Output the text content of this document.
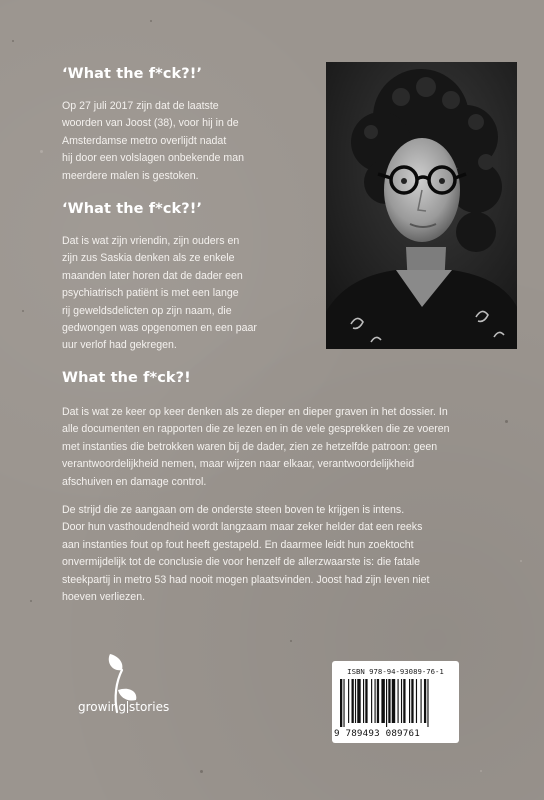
‘What the f*ck?!’

Op 27 juli 2017 zijn dat de laatste

woorden van Joost (38), voor hij in de

Amsterdamse metro overlijdt nadat

hij door een volslagen onbekende man

meerdere malen is gestoken.

‘What the f*ck?!’

Dat is wat zijn vriendin, zijn ouders en

zijn zus Saskia denken als ze enkele

maanden later horen dat de dader een

psychiatrisch patiënt is met een lange

rij geweldsdelicten op zijn naam, die

gedwongen was opgenomen en een paar

uur verlof had gekregen.

What the f*ck?!

Dat is wat ze keer op keer denken als ze dieper en dieper graven in het dossier. In

alle documenten en rapporten die ze lezen en in de vele gesprekken die ze voeren

met instanties die betrokken waren bij de dader, zien ze hetzelfde patroon: geen

verantwoordelijkheid nemen, maar wijzen naar elkaar, verantwoordelijkheid

afschuiven en damage control.

De strijd die ze aangaan om de onderste steen boven te krijgen is intens.

Door hun vasthoudendheid wordt langzaam maar zeker helder dat een reeks

aan instanties fout op fout heeft gestapeld. En daarmee leidt hun zoektocht

onvermijdelijk tot de conclusie die voor henzelf de allerzwaarste is: die fatale

steekpartij in metro 53 had nooit mogen plaatsvinden. Joost had zijn leven niet

hoeven verliezen.

growing stories
ISBN 978-94-93089-76-1
9 789493 089761
